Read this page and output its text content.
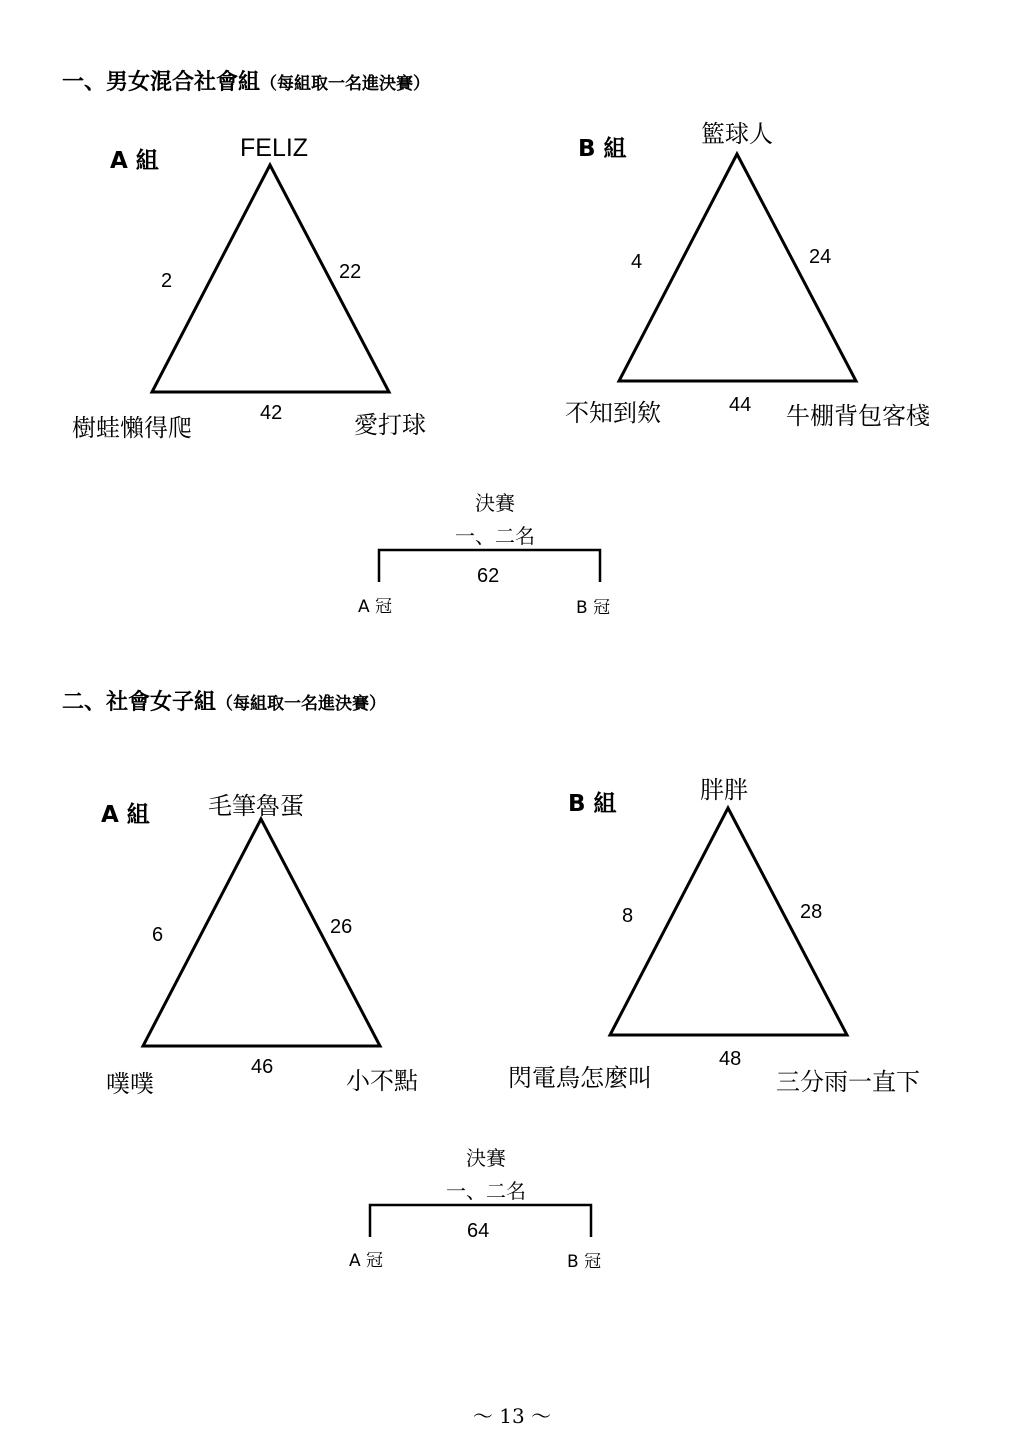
一、男女混合社會組（每組取一名進決賽）
A 組	FELIZ
樹蛙懶得爬	愛打球
2	22
42
B 組
籃球人
不知到欸	牛棚背包客棧
4	24
44
決賽
一、二名
62
A 冠	B 冠
二、社會女子組（每組取一名進決賽）
A 組 毛筆魯蛋
噗噗	小不點
6	26
46
B 組	胖胖
閃電鳥怎麼叫	三分雨一直下
8	28
48
決賽
一、二名
64
A 冠	B 冠
～ 13 ～
